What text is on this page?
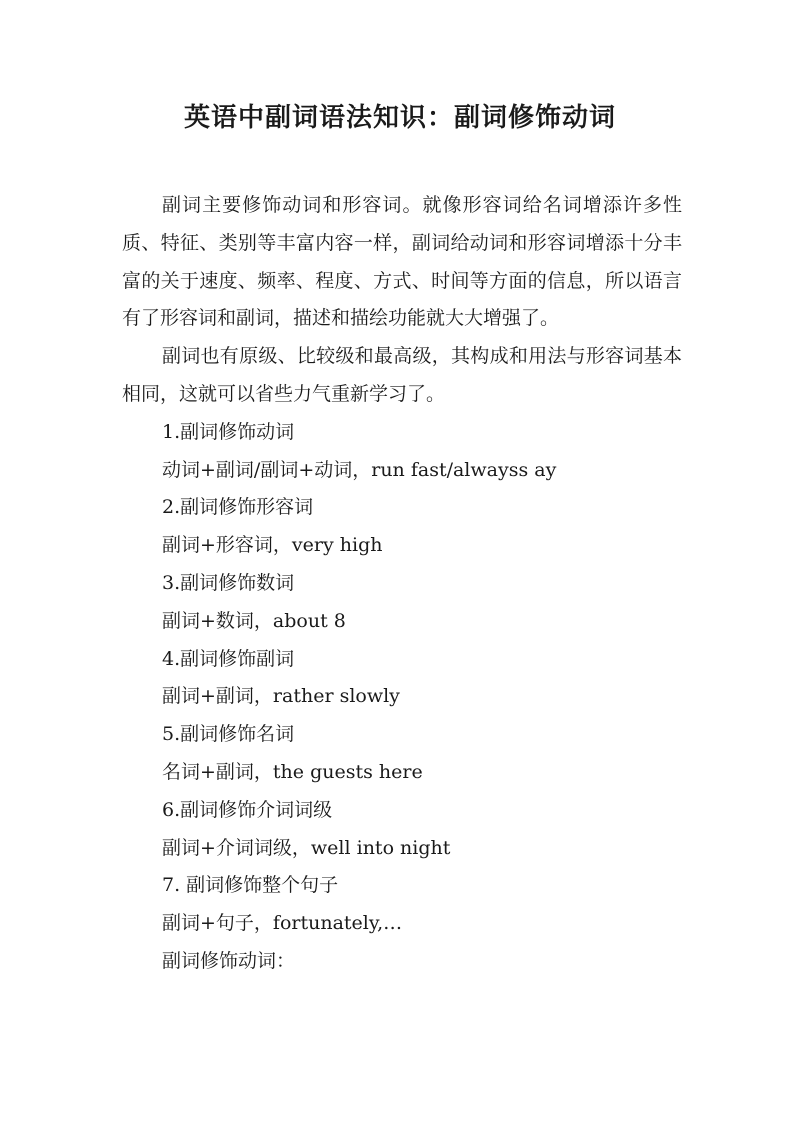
英语中副词语法知识：副词修饰动词

副词主要修饰动词和形容词。就像形容词给名词增添许多性质、特征、类别等丰富内容一样，副词给动词和形容词增添十分丰富的关于速度、频率、程度、方式、时间等方面的信息，所以语言有了形容词和副词，描述和描绘功能就大大增强了。

副词也有原级、比较级和最高级，其构成和用法与形容词基本相同，这就可以省些力气重新学习了。

1.副词修饰动词

动词+副词/副词+动词，run fast/alwayss ay

2.副词修饰形容词

副词+形容词，very high

3.副词修饰数词

副词+数词，about 8

4.副词修饰副词

副词+副词，rather slowly

5.副词修饰名词

名词+副词，the guests here

6.副词修饰介词词级

副词+介词词级，well into night

7. 副词修饰整个句子

副词+句子，fortunately,…

副词修饰动词：
